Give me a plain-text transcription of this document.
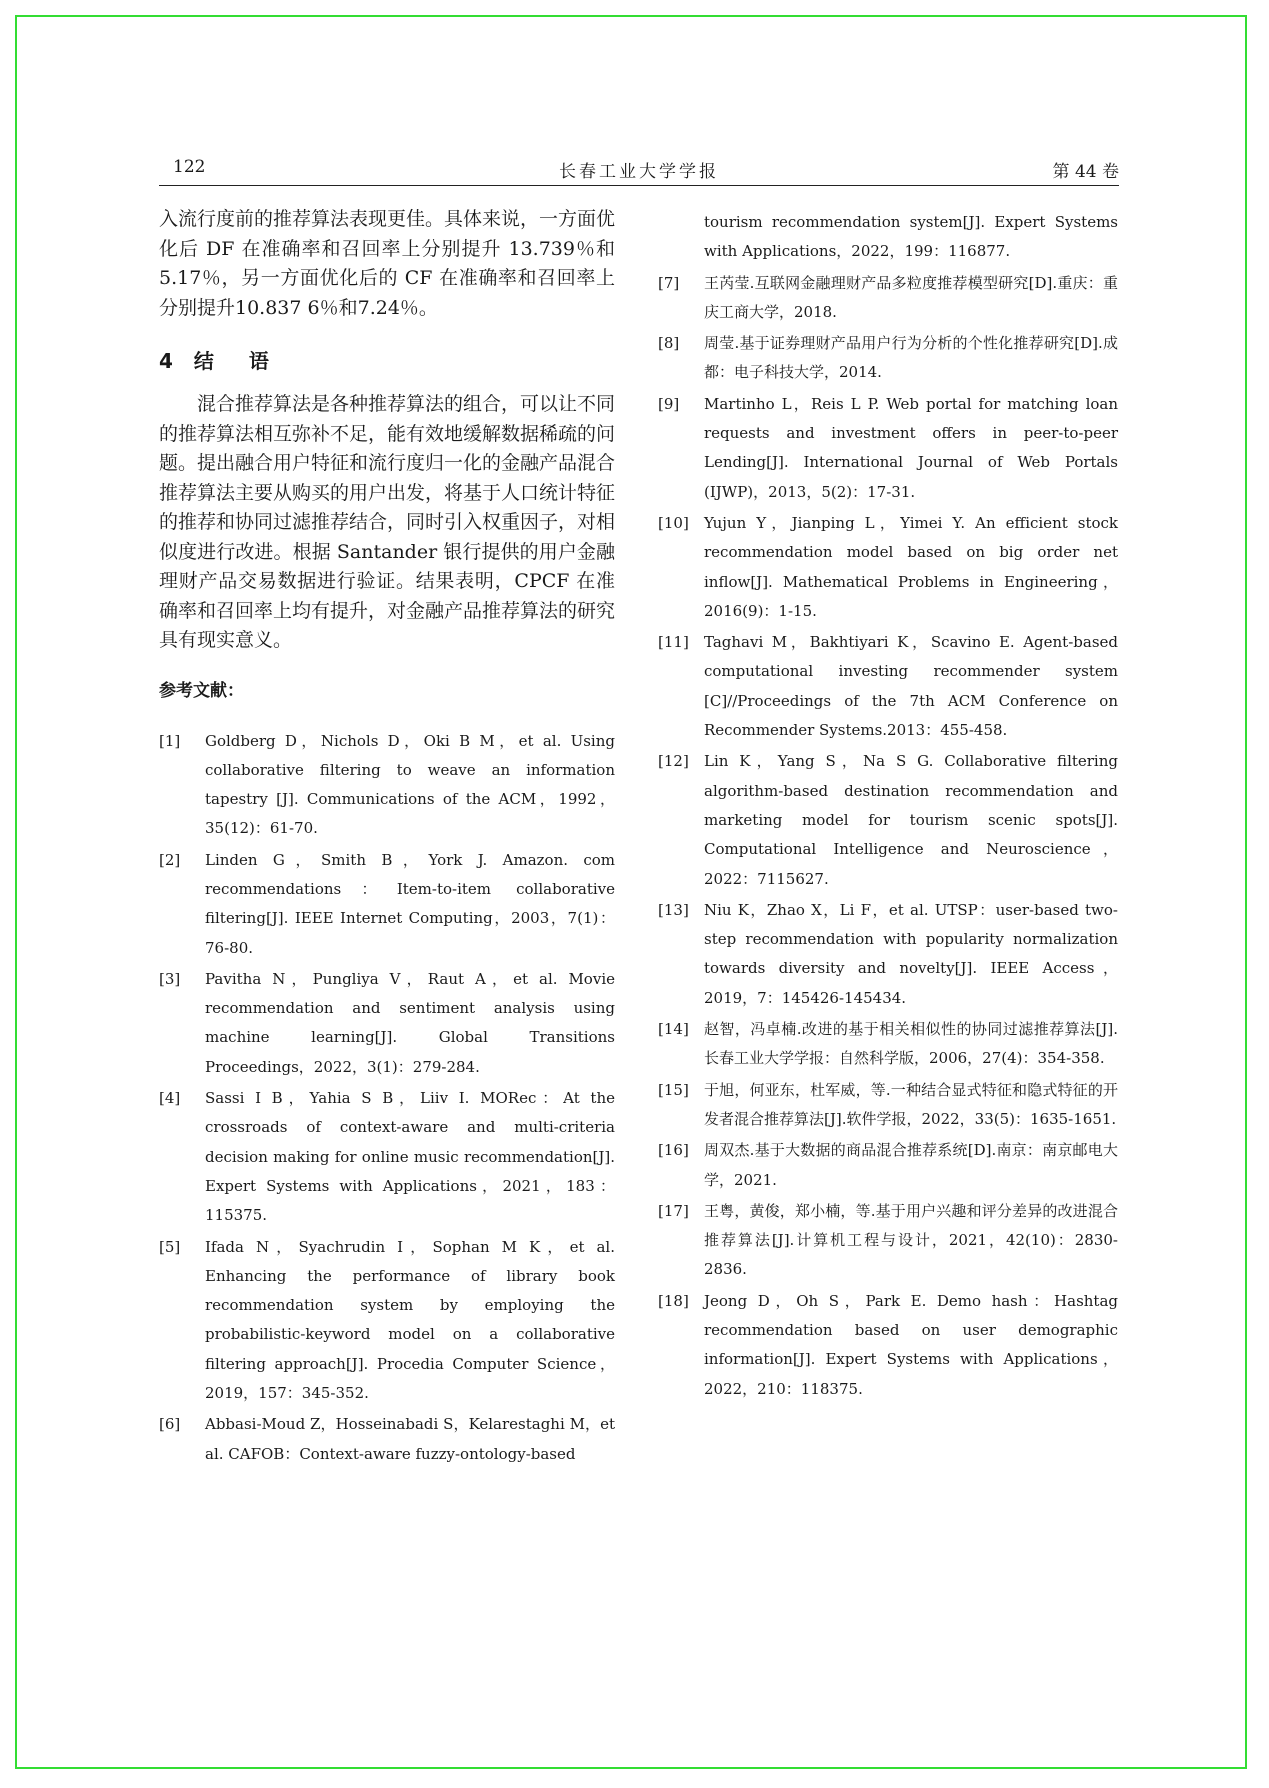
122	长春工业大学学报	第 44 卷

入流行度前的推荐算法表现更佳。具体来说，一方面优化后 DF 在准确率和召回率上分别提升 13.739％和 5.17％，另一方面优化后的 CF 在准确率和召回率上分别提升10.837 6％和7.24％。

4 结 语

混合推荐算法是各种推荐算法的组合，可以让不同的推荐算法相互弥补不足，能有效地缓解数据稀疏的问题。提出融合用户特征和流行度归一化的金融产品混合推荐算法主要从购买的用户出发，将基于人口统计特征的推荐和协同过滤推荐结合，同时引入权重因子，对相似度进行改进。根据 Santander 银行提供的用户金融理财产品交易数据进行验证。结果表明，CPCF 在准确率和召回率上均有提升，对金融产品推荐算法的研究具有现实意义。

参考文献：
[1] Goldberg D，Nichols D，Oki B M，et al. Using collaborative filtering to weave an information tapestry [J]. Communications of the ACM，1992，35(12)：61-70.
[2] Linden G，Smith B，York J. Amazon. com recommendations：Item-to-item collaborative filtering[J]. IEEE Internet Computing，2003，7(1)：76-80.
[3] Pavitha N，Pungliya V，Raut A，et al. Movie recommendation and sentiment analysis using machine learning[J]. Global Transitions Proceedings，2022，3(1)：279-284.
[4] Sassi I B，Yahia S B，Liiv I. MORec：At the crossroads of context-aware and multi-criteria decision making for online music recommendation[J]. Expert Systems with Applications，2021，183：115375.
[5] Ifada N，Syachrudin I，Sophan M K，et al. Enhancing the performance of library book recommendation system by employing the probabilistic-keyword model on a collaborative filtering approach[J]. Procedia Computer Science，2019，157：345-352.
[6] Abbasi-Moud Z，Hosseinabadi S，Kelarestaghi M，et al. CAFOB：Context-aware fuzzy-ontology-based
tourism recommendation system[J]. Expert Systems with Applications，2022，199：116877.
[7] 王芮莹.互联网金融理财产品多粒度推荐模型研究[D].重庆：重庆工商大学，2018.
[8] 周莹.基于证券理财产品用户行为分析的个性化推荐研究[D].成都：电子科技大学，2014.
[9] Martinho L，Reis L P. Web portal for matching loan requests and investment offers in peer-to-peer Lending[J]. International Journal of Web Portals (IJWP)，2013，5(2)：17-31.
[10] Yujun Y，Jianping L，Yimei Y. An efficient stock recommendation model based on big order net inflow[J]. Mathematical Problems in Engineering，2016(9)：1-15.
[11] Taghavi M，Bakhtiyari K，Scavino E. Agent-based computational investing recommender system [C]//Proceedings of the 7th ACM Conference on Recommender Systems.2013：455-458.
[12] Lin K，Yang S，Na S G. Collaborative filtering algorithm-based destination recommendation and marketing model for tourism scenic spots[J]. Computational Intelligence and Neuroscience，2022：7115627.
[13] Niu K，Zhao X，Li F，et al. UTSP：user-based two-step recommendation with popularity normalization towards diversity and novelty[J]. IEEE Access，2019，7：145426-145434.
[14] 赵智，冯卓楠.改进的基于相关相似性的协同过滤推荐算法[J].长春工业大学学报：自然科学版，2006，27(4)：354-358.
[15] 于旭，何亚东，杜军威，等.一种结合显式特征和隐式特征的开发者混合推荐算法[J].软件学报，2022，33(5)：1635-1651.
[16] 周双杰.基于大数据的商品混合推荐系统[D].南京：南京邮电大学，2021.
[17] 王粤，黄俊，郑小楠，等.基于用户兴趣和评分差异的改进混合推荐算法[J].计算机工程与设计，2021，42(10)：2830-2836.
[18] Jeong D，Oh S，Park E. Demo hash：Hashtag recommendation based on user demographic information[J]. Expert Systems with Applications，2022，210：118375.
